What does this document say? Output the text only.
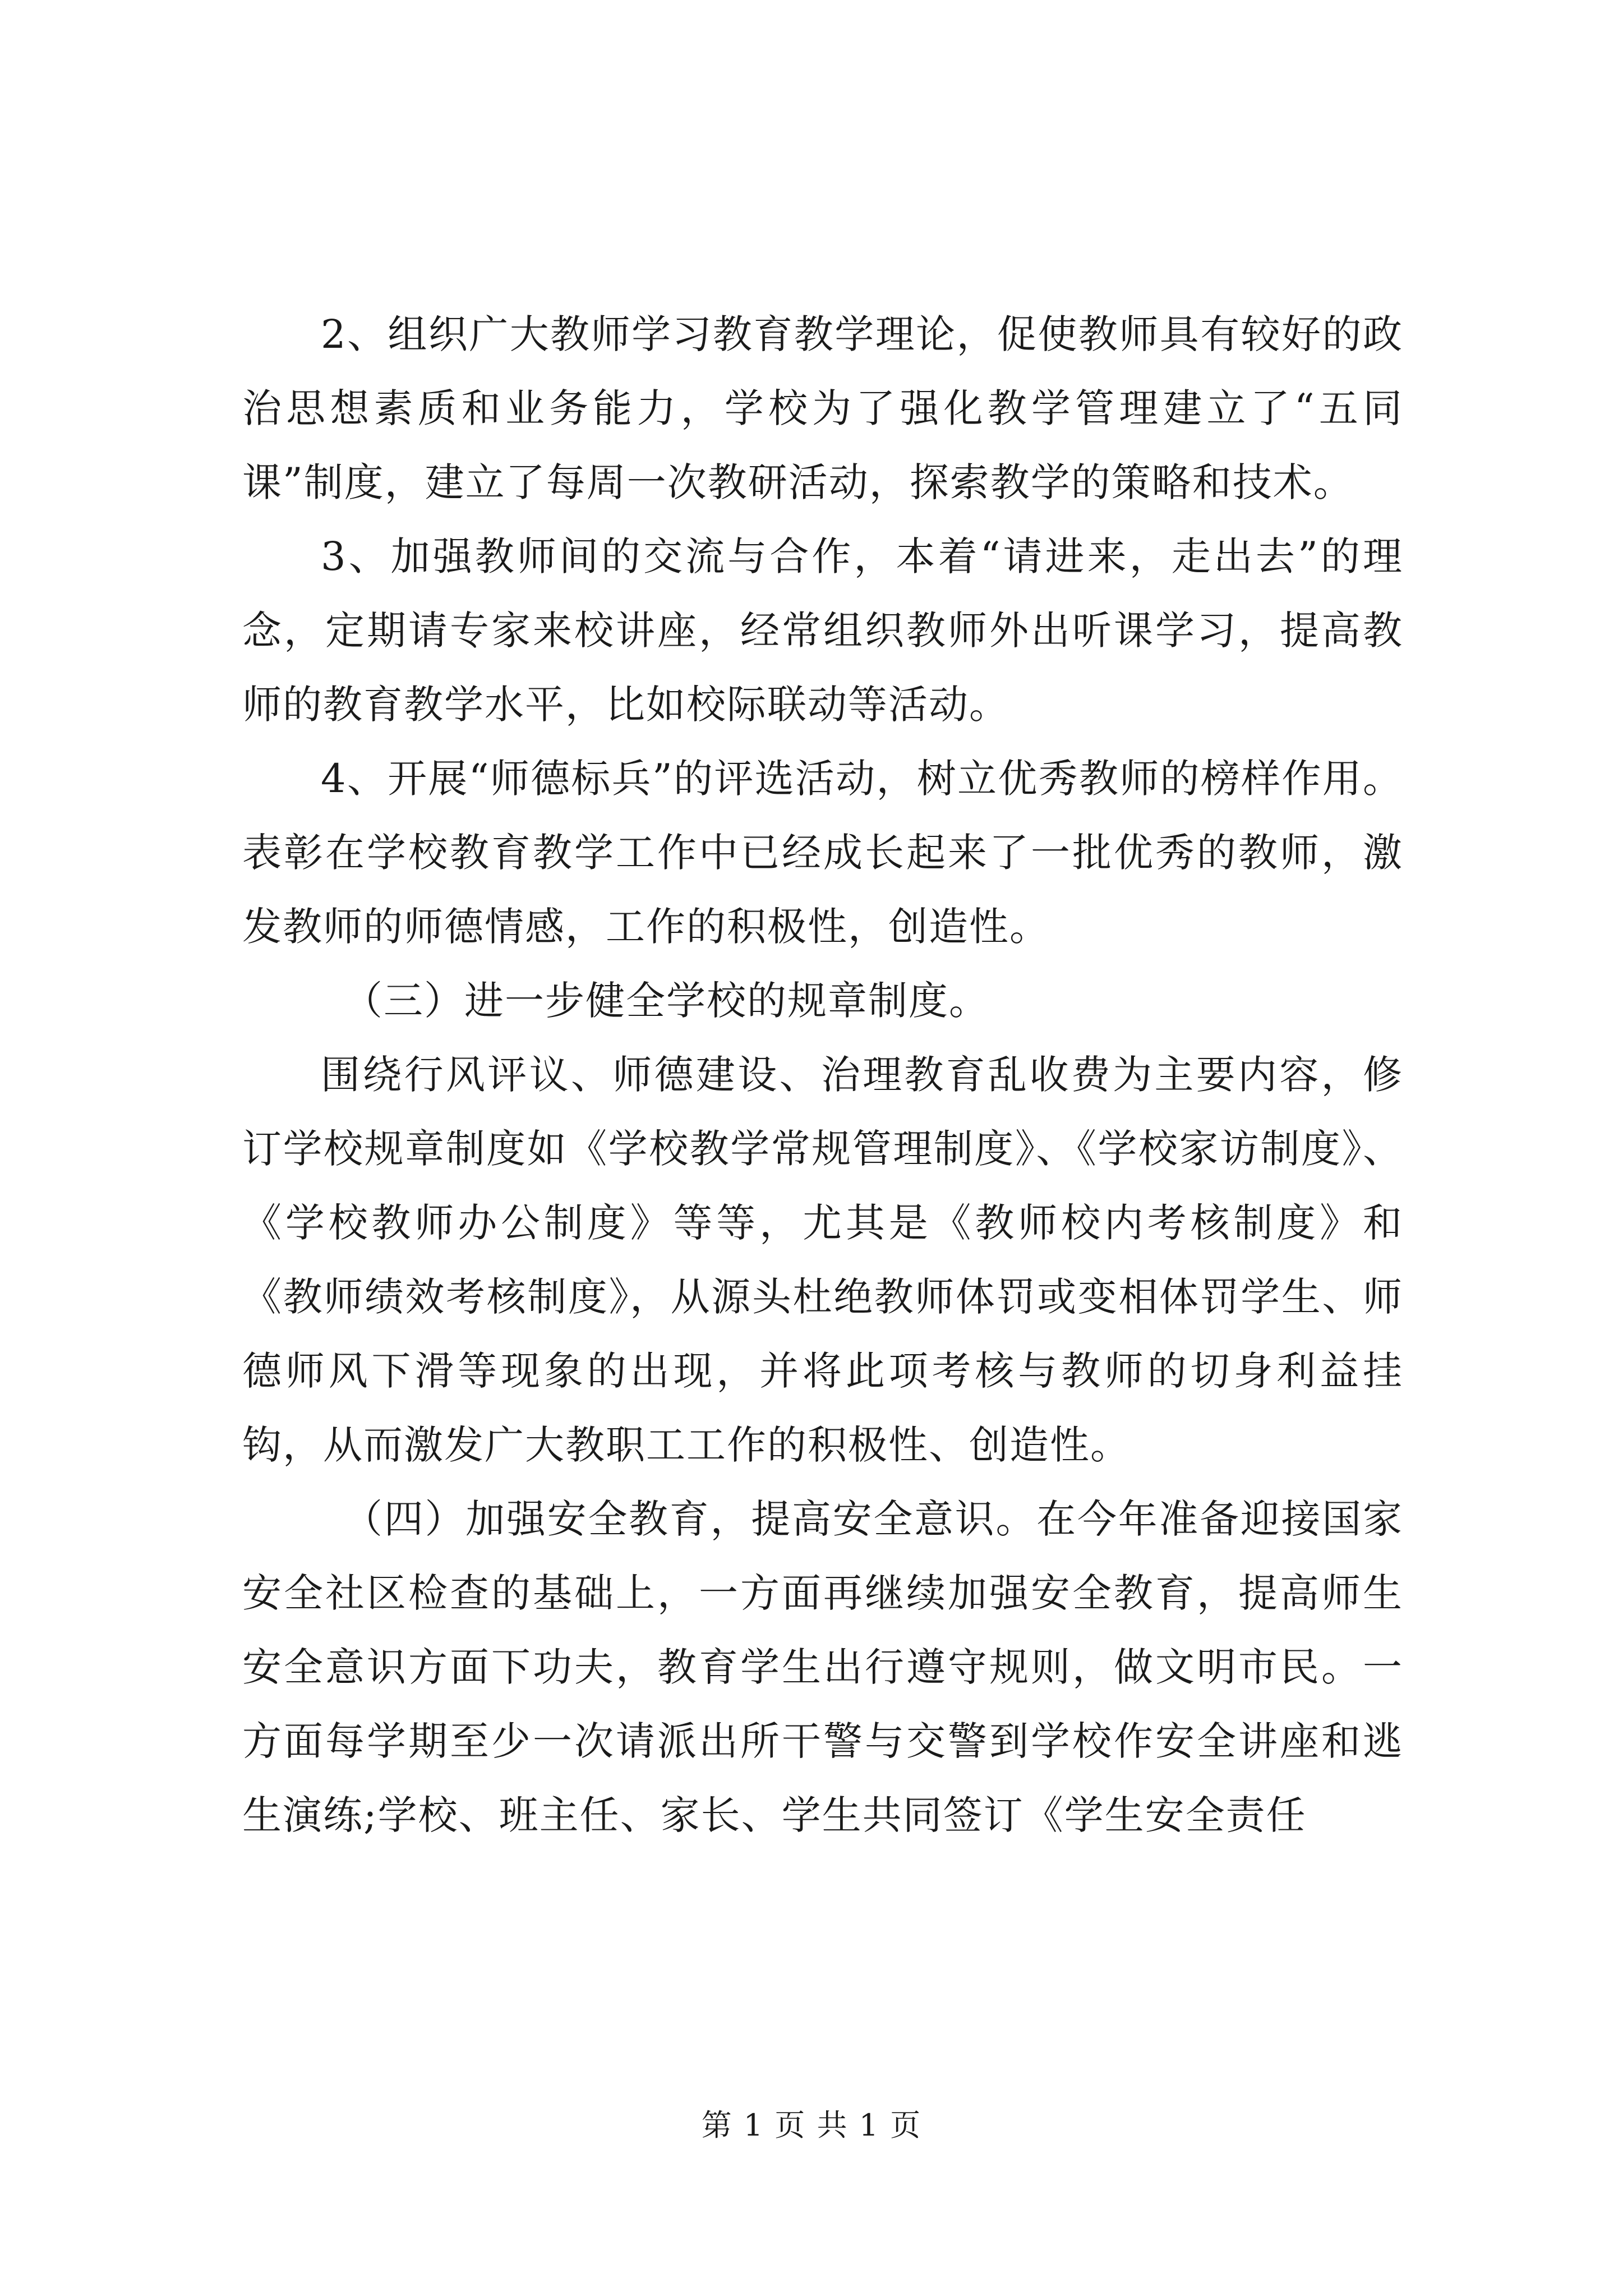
2、组织广大教师学习教育教学理论，促使教师具有较好的政治思想素质和业务能力，学校为了强化教学管理建立了“五同课”制度，建立了每周一次教研活动，探索教学的策略和技术。

3、加强教师间的交流与合作，本着“请进来，走出去”的理念，定期请专家来校讲座，经常组织教师外出听课学习，提高教师的教育教学水平，比如校际联动等活动。

4、开展“师德标兵”的评选活动，树立优秀教师的榜样作用。表彰在学校教育教学工作中已经成长起来了一批优秀的教师，激发教师的师德情感，工作的积极性，创造性。

（三）进一步健全学校的规章制度。

围绕行风评议、师德建设、治理教育乱收费为主要内容，修订学校规章制度如《学校教学常规管理制度》、《学校家访制度》、《学校教师办公制度》等等，尤其是《教师校内考核制度》和《教师绩效考核制度》，从源头杜绝教师体罚或变相体罚学生、师德师风下滑等现象的出现，并将此项考核与教师的切身利益挂钩，从而激发广大教职工工作的积极性、创造性。

（四）加强安全教育，提高安全意识。在今年准备迎接国家安全社区检查的基础上，一方面再继续加强安全教育，提高师生安全意识方面下功夫，教育学生出行遵守规则，做文明市民。一方面每学期至少一次请派出所干警与交警到学校作安全讲座和逃生演练;学校、班主任、家长、学生共同签订《学生安全责任

第 1 页 共 1 页
